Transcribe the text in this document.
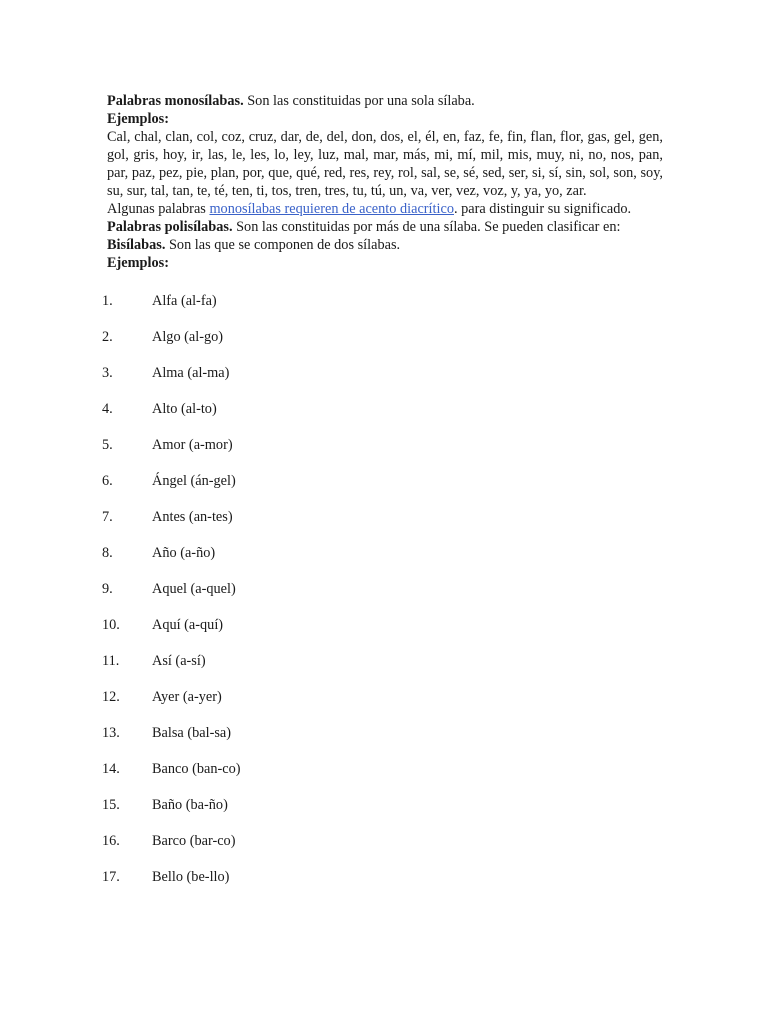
Palabras monosílabas. Son las constituidas por una sola sílaba.

Ejemplos:

Cal, chal, clan, col, coz, cruz, dar, de, del, don, dos, el, él, en, faz, fe, fin, flan, flor, gas, gel, gen, gol, gris, hoy, ir, las, le, les, lo, ley, luz, mal, mar, más, mi, mí, mil, mis, muy, ni, no, nos, pan, par, paz, pez, pie, plan, por, que, qué, red, res, rey, rol, sal, se, sé, sed, ser, si, sí, sin, sol, son, soy, su, sur, tal, tan, te, té, ten, ti, tos, tren, tres, tu, tú, un, va, ver, vez, voz, y, ya, yo, zar.

Algunas palabras monosílabas requieren de acento diacrítico. para distinguir su significado.

Palabras polisílabas. Son las constituidas por más de una sílaba. Se pueden clasificar en:

Bisílabas. Son las que se componen de dos sílabas.

Ejemplos:

1.	Alfa (al-fa)
2.	Algo (al-go)
3.	Alma (al-ma)
4.	Alto (al-to)
5.	Amor (a-mor)
6.	Ángel (án-gel)
7.	Antes (an-tes)
8.	Año (a-ño)
9.	Aquel (a-quel)
10.	Aquí (a-quí)
11.	Así (a-sí)
12.	Ayer (a-yer)
13.	Balsa (bal-sa)
14.	Banco (ban-co)
15.	Baño (ba-ño)
16.	Barco (bar-co)
17.	Bello (be-llo)
